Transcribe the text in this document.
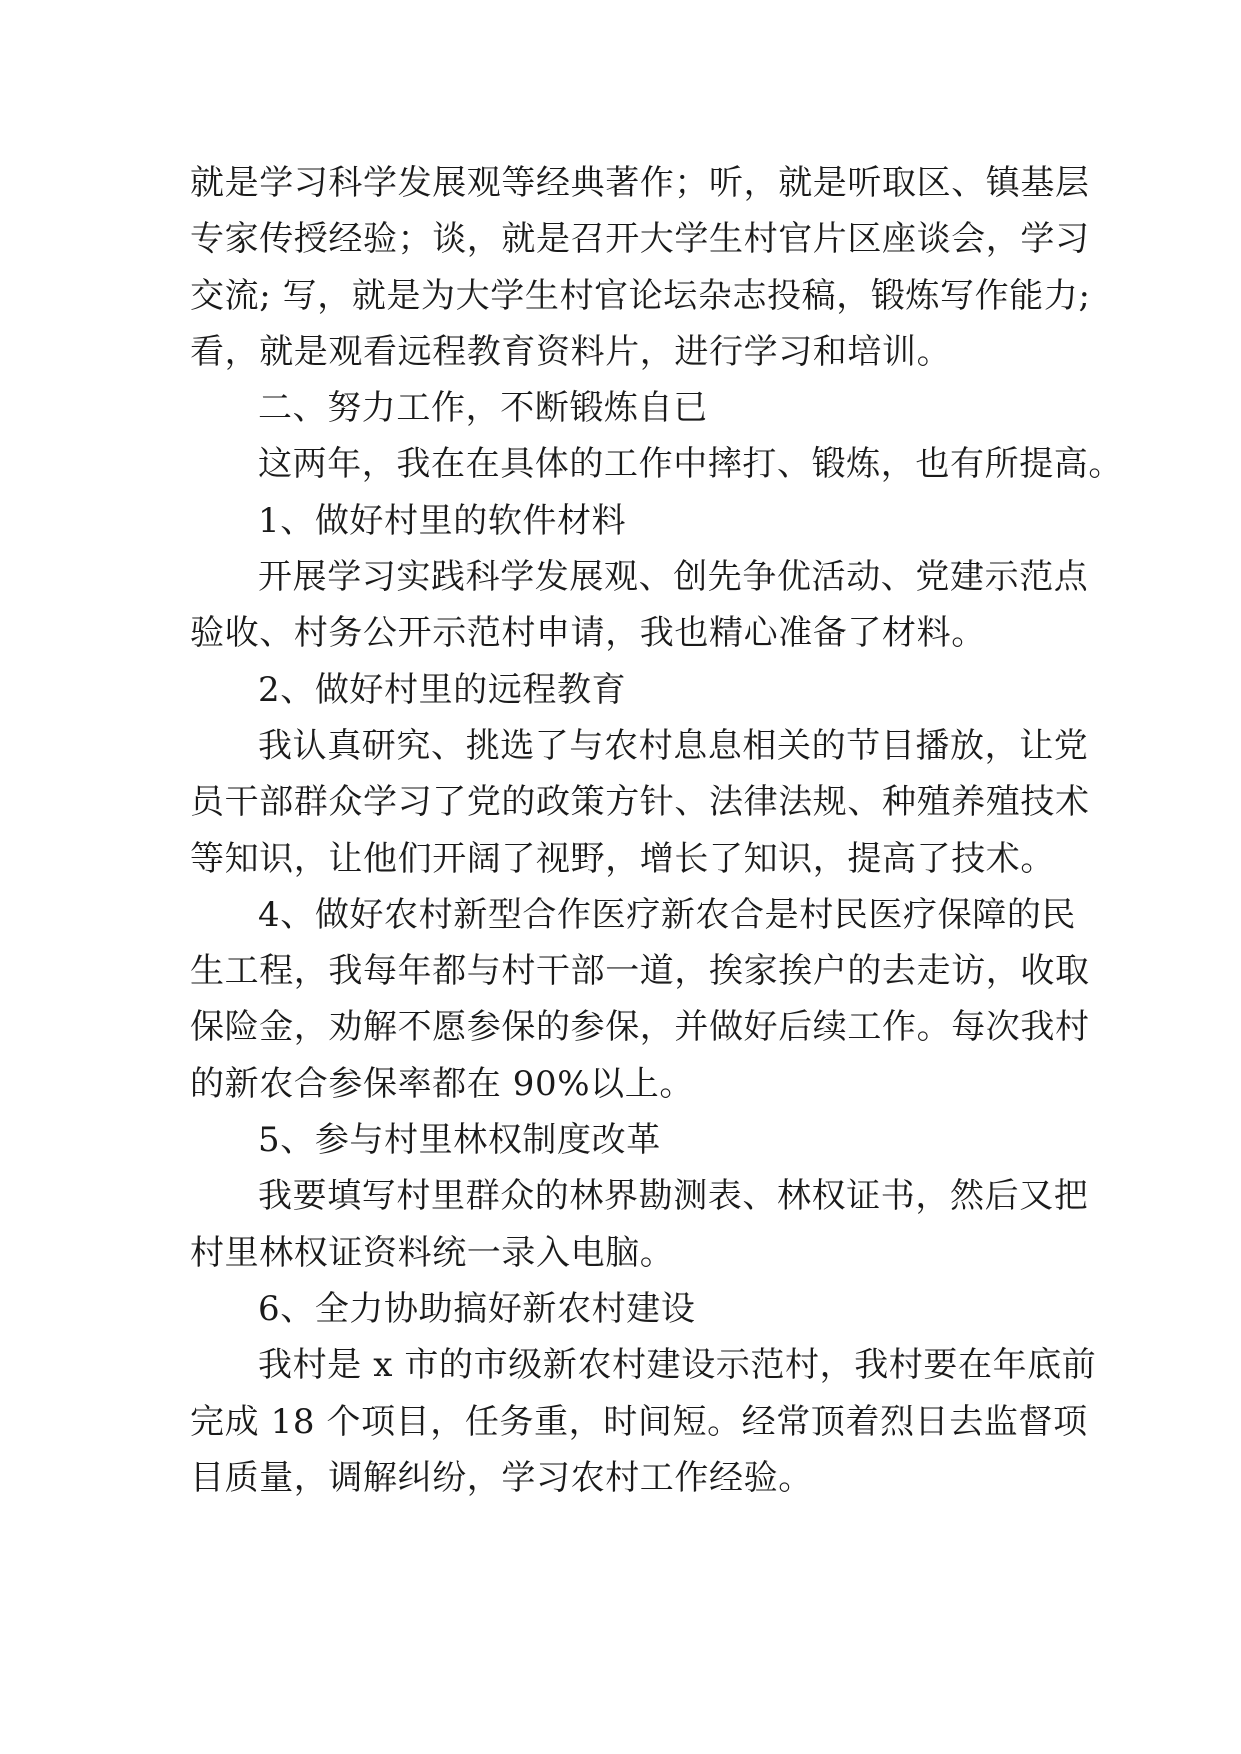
就是学习科学发展观等经典著作；听，就是听取区、镇基层
专家传授经验；谈，就是召开大学生村官片区座谈会，学习
交流; 写，就是为大学生村官论坛杂志投稿，锻炼写作能力;
看，就是观看远程教育资料片，进行学习和培训。
二、努力工作，不断锻炼自已
这两年，我在在具体的工作中摔打、锻炼，也有所提高。
1、做好村里的软件材料
开展学习实践科学发展观、创先争优活动、党建示范点
验收、村务公开示范村申请，我也精心准备了材料。
2、做好村里的远程教育
我认真研究、挑选了与农村息息相关的节目播放，让党
员干部群众学习了党的政策方针、法律法规、种殖养殖技术
等知识，让他们开阔了视野，增长了知识，提高了技术。
4、做好农村新型合作医疗新农合是村民医疗保障的民
生工程，我每年都与村干部一道，挨家挨户的去走访，收取
保险金，劝解不愿参保的参保，并做好后续工作。每次我村
的新农合参保率都在 90%以上。
5、参与村里林权制度改革
我要填写村里群众的林界勘测表、林权证书，然后又把
村里林权证资料统一录入电脑。
6、全力协助搞好新农村建设
我村是 x 市的市级新农村建设示范村，我村要在年底前
完成 18 个项目，任务重，时间短。经常顶着烈日去监督项
目质量，调解纠纷，学习农村工作经验。
